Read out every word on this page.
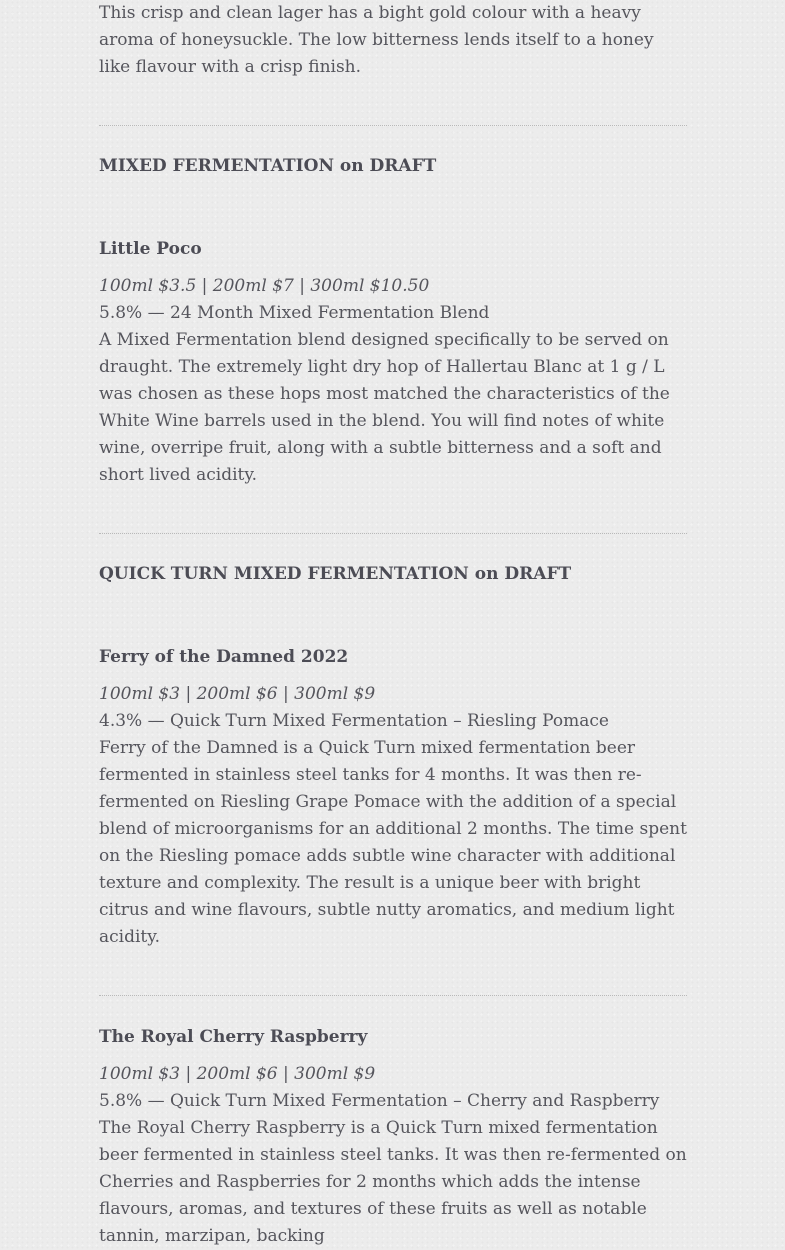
This crisp and clean lager has a bight gold colour with a heavy aroma of honeysuckle. The low bitterness lends itself to a honey like flavour with a crisp finish.

MIXED FERMENTATION on DRAFT

Little Poco

100ml $3.5 | 200ml $7 | 300ml $10.50

5.8% — 24 Month Mixed Fermentation Blend

A Mixed Fermentation blend designed specifically to be served on draught. The extremely light dry hop of Hallertau Blanc at 1 g / L was chosen as these hops most matched the characteristics of the White Wine barrels used in the blend. You will find notes of white wine, overripe fruit, along with a subtle bitterness and a soft and short lived acidity.

QUICK TURN MIXED FERMENTATION on DRAFT

Ferry of the Damned 2022

100ml $3 | 200ml $6 | 300ml $9

4.3% — Quick Turn Mixed Fermentation – Riesling Pomace

Ferry of the Damned is a Quick Turn mixed fermentation beer fermented in stainless steel tanks for 4 months. It was then re-fermented on Riesling Grape Pomace with the addition of a special blend of microorganisms for an additional 2 months. The time spent on the Riesling pomace adds subtle wine character with additional texture and complexity. The result is a unique beer with bright citrus and wine flavours, subtle nutty aromatics, and medium light acidity.

The Royal Cherry Raspberry

100ml $3 | 200ml $6 | 300ml $9

5.8% — Quick Turn Mixed Fermentation – Cherry and Raspberry

The Royal Cherry Raspberry is a Quick Turn mixed fermentation beer fermented in stainless steel tanks. It was then re-fermented on Cherries and Raspberries for 2 months which adds the intense flavours, aromas, and textures of these fruits as well as notable tannin, marzipan, backing
